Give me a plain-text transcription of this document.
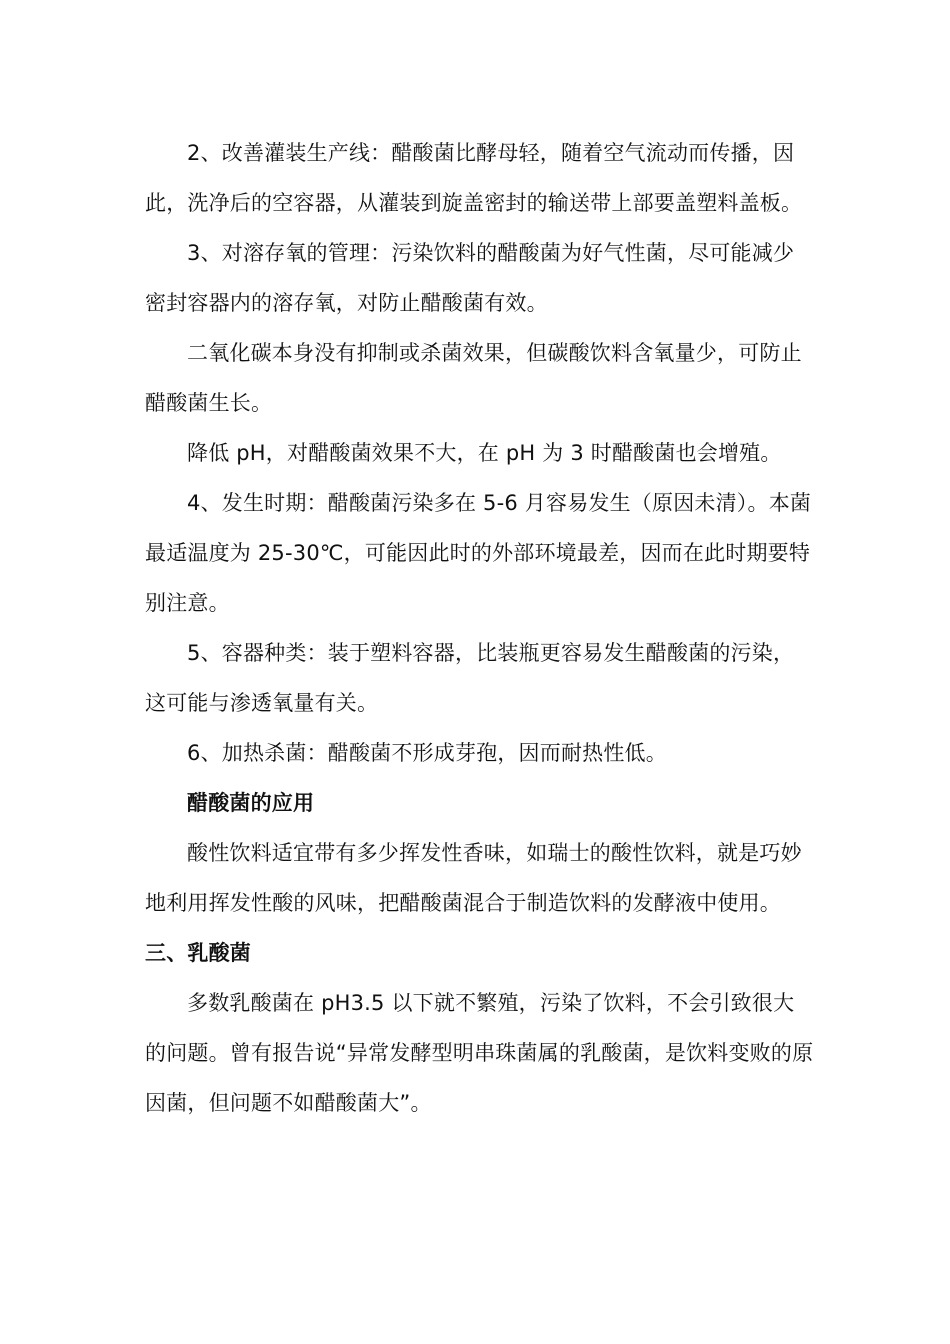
2、改善灌装生产线：醋酸菌比酵母轻，随着空气流动而传播，因此，洗净后的空容器，从灌装到旋盖密封的输送带上部要盖塑料盖板。

3、对溶存氧的管理：污染饮料的醋酸菌为好气性菌，尽可能减少密封容器内的溶存氧，对防止醋酸菌有效。

二氧化碳本身没有抑制或杀菌效果，但碳酸饮料含氧量少，可防止醋酸菌生长。

降低 pH，对醋酸菌效果不大，在 pH 为 3 时醋酸菌也会增殖。

4、发生时期：醋酸菌污染多在 5-6 月容易发生（原因未清）。本菌最适温度为 25-30℃，可能因此时的外部环境最差，因而在此时期要特别注意。

5、容器种类：装于塑料容器，比装瓶更容易发生醋酸菌的污染，这可能与渗透氧量有关。

6、加热杀菌：醋酸菌不形成芽孢，因而耐热性低。

醋酸菌的应用

酸性饮料适宜带有多少挥发性香味，如瑞士的酸性饮料，就是巧妙地利用挥发性酸的风味，把醋酸菌混合于制造饮料的发酵液中使用。

三、乳酸菌

多数乳酸菌在 pH3.5 以下就不繁殖，污染了饮料，不会引致很大的问题。曾有报告说“异常发酵型明串珠菌属的乳酸菌，是饮料变败的原因菌，但问题不如醋酸菌大”。
